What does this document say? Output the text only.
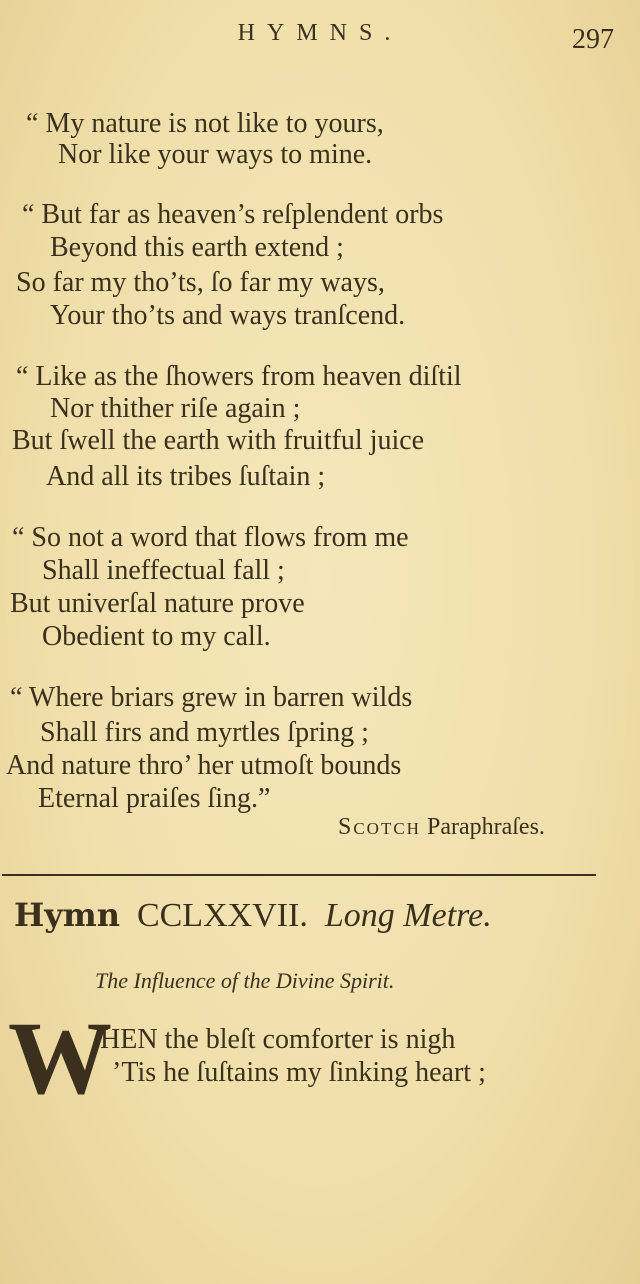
HYMNS.	297
“ My nature is not like to yours,
Nor like your ways to mine.
“ But far as heaven’s reſplendent orbs
Beyond this earth extend ;
So far my tho’ts, ſo far my ways,
Your tho’ts and ways tranſcend.
“ Like as the ſhowers from heaven diſtil
Nor thither riſe again ;
But ſwell the earth with fruitful juice
And all its tribes ſuſtain ;
“ So not a word that flows from me
Shall ineffectual fall ;
But univerſal nature prove
Obedient to my call.
“ Where briars grew in barren wilds
Shall firs and myrtles ſpring ;
And nature thro’ her utmoſt bounds
Eternal praiſes ſing.”
Scotch Paraphraſes.
Hymn CCLXXVII. Long Metre.
The Influence of the Divine Spirit.
W
HEN the bleſt comforter is nigh
’Tis he ſuſtains my ſinking heart ;
